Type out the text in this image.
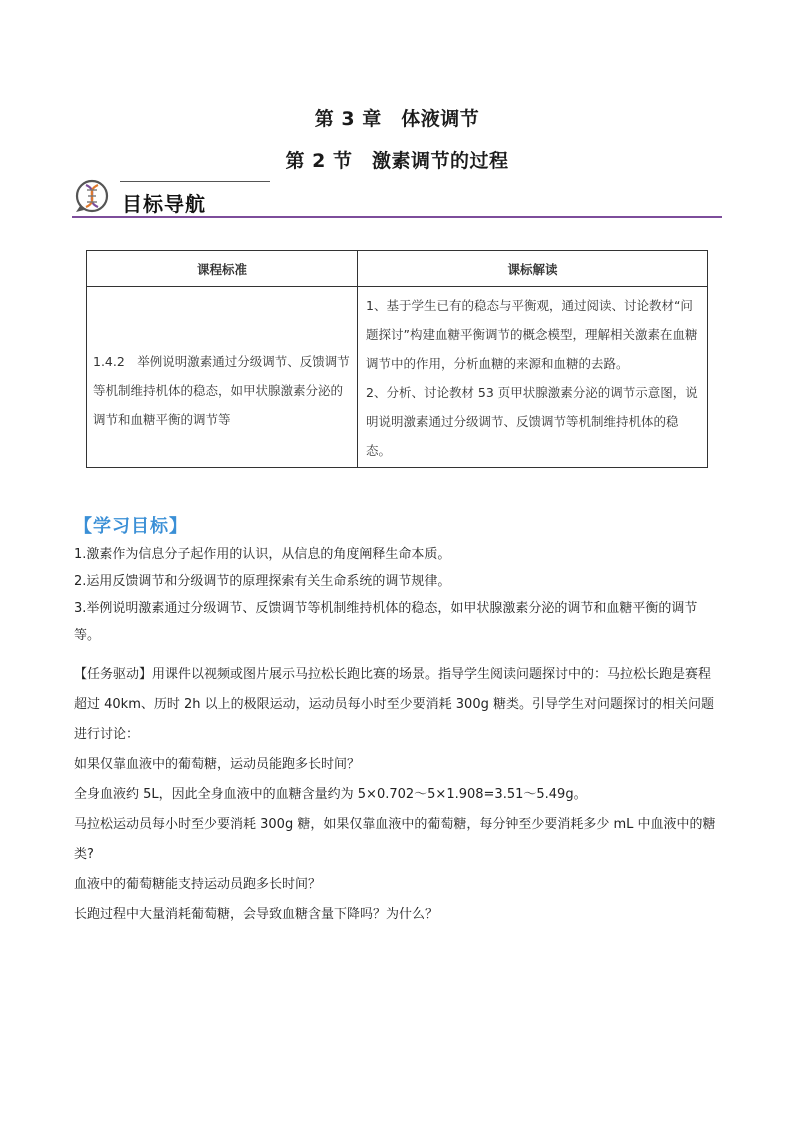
第 3 章　体液调节
第 2 节　激素调节的过程
目标导航
课程标准	课标解读
1.4.2　举例说明激素通过分级调节、反馈调节等机制维持机体的稳态，如甲状腺激素分泌的调节和血糖平衡的调节等	1、基于学生已有的稳态与平衡观，通过阅读、讨论教材“问题探讨”构建血糖平衡调节的概念模型，理解相关激素在血糖调节中的作用，分析血糖的来源和血糖的去路。

2、分析、讨论教材 53 页甲状腺激素分泌的调节示意图，说明说明激素通过分级调节、反馈调节等机制维持机体的稳态。

【学习目标】

1.激素作为信息分子起作用的认识，从信息的角度阐释生命本质。

2.运用反馈调节和分级调节的原理探索有关生命系统的调节规律。

3.举例说明激素通过分级调节、反馈调节等机制维持机体的稳态，如甲状腺激素分泌的调节和血糖平衡的调节等。

【任务驱动】用课件以视频或图片展示马拉松长跑比赛的场景。指导学生阅读问题探讨中的：马拉松长跑是赛程超过 40km、历时 2h 以上的极限运动，运动员每小时至少要消耗 300g 糖类。引导学生对问题探讨的相关问题进行讨论：

如果仅靠血液中的葡萄糖，运动员能跑多长时间？

全身血液约 5L，因此全身血液中的血糖含量约为 5×0.702～5×1.908=3.51～5.49g。

马拉松运动员每小时至少要消耗 300g 糖，如果仅靠血液中的葡萄糖，每分钟至少要消耗多少 mL 中血液中的糖类?

血液中的葡萄糖能支持运动员跑多长时间？

长跑过程中大量消耗葡萄糖，会导致血糖含量下降吗？为什么？
